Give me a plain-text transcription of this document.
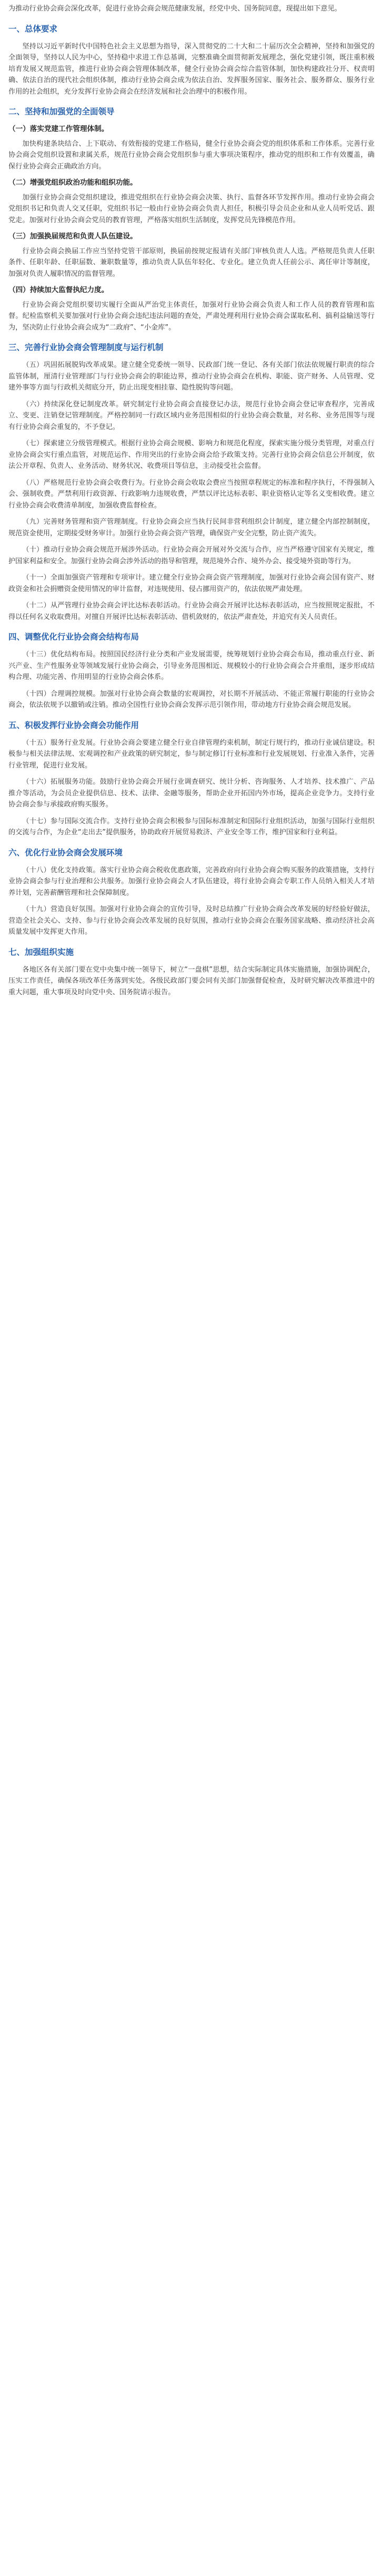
为推动行业协会商会深化改革，促进行业协会商会规范健康发展，经党中央、国务院同意，现提出如下意见。

一、总体要求

坚持以习近平新时代中国特色社会主义思想为指导，深入贯彻党的二十大和二十届历次全会精神，坚持和加强党的全面领导，坚持以人民为中心，坚持稳中求进工作总基调，完整准确全面贯彻新发展理念，强化党建引领，既注重积极培育发展又规范监管，推进行业协会商会管理体制改革，健全行业协会商会综合监管体制，加快构建政社分开、权责明确、依法自治的现代社会组织体制，推动行业协会商会成为依法自治、发挥服务国家、服务社会、服务群众、服务行业作用的社会组织，充分发挥行业协会商会在经济发展和社会治理中的积极作用。

二、坚持和加强党的全面领导
（一）落实党建工作管理体制。

加快构建条块结合、上下联动、有效衔接的党建工作格局，健全行业协会商会党的组织体系和工作体系。完善行业协会商会党组织设置和隶属关系，规范行业协会商会党组织参与重大事项决策程序，推动党的组织和工作有效覆盖，确保行业协会商会正确政治方向。

（二）增强党组织政治功能和组织功能。

加强行业协会商会党组织建设，推进党组织在行业协会商会决策、执行、监督各环节发挥作用。推动行业协会商会党组织书记和负责人交叉任职，党组织书记一般由行业协会商会负责人担任，积极引导会员企业和从业人员听党话、跟党走。加强对行业协会商会党员的教育管理，严格落实组织生活制度，发挥党员先锋模范作用。

（三）加强换届规范和负责人队伍建设。

行业协会商会换届工作应当坚持党管干部原则，换届前按规定报请有关部门审核负责人人选。严格规范负责人任职条件、任职年龄、任职届数、兼职数量等，推动负责人队伍年轻化、专业化。建立负责人任前公示、离任审计等制度，加强对负责人履职情况的监督管理。

（四）持续加大监督执纪力度。

行业协会商会党组织要切实履行全面从严治党主体责任，加强对行业协会商会负责人和工作人员的教育管理和监督。纪检监察机关要加强对行业协会商会违纪违法问题的查处，严肃处理利用行业协会商会谋取私利、搞利益输送等行为，坚决防止行业协会商会成为“二政府”、“小金库”。

三、完善行业协会商会管理制度与运行机制

（五）巩固拓展脱钩改革成果。建立健全党委统一领导、民政部门统一登记、各有关部门依法依规履行职责的综合监管体制，厘清行业管理部门与行业协会商会的职能边界，推动行业协会商会在机构、职能、资产财务、人员管理、党建外事等方面与行政机关彻底分开，防止出现变相挂靠、隐性脱钩等问题。

（六）持续深化登记制度改革。研究制定行业协会商会直接登记办法，规范行业协会商会登记审查程序，完善成立、变更、注销登记管理制度。严格控制同一行政区域内业务范围相似的行业协会商会数量，对名称、业务范围等与现有行业协会商会重复的，不予登记。

（七）探索建立分级管理模式。根据行业协会商会规模、影响力和规范化程度，探索实施分级分类管理，对重点行业协会商会实行重点监管，对规范运作、作用突出的行业协会商会给予政策支持。完善行业协会商会信息公开制度，依法公开章程、负责人、业务活动、财务状况、收费项目等信息，主动接受社会监督。

（八）严格规范行业协会商会收费行为。行业协会商会收取会费应当按照章程规定的标准和程序执行，不得强制入会、强制收费。严禁利用行政资源、行政影响力违规收费，严禁以评比达标表彰、职业资格认定等名义变相收费。建立行业协会商会收费清单制度，加强收费监督检查。

（九）完善财务管理和资产管理制度。行业协会商会应当执行民间非营利组织会计制度，建立健全内部控制制度，规范资金使用，定期接受财务审计。加强行业协会商会资产管理，确保资产安全完整，防止资产流失。

（十）推动行业协会商会规范开展涉外活动。行业协会商会开展对外交流与合作，应当严格遵守国家有关规定，维护国家利益和安全。加强行业协会商会涉外活动的指导和管理，规范境外合作、境外办会、接受境外资助等行为。

（十一）全面加强资产管理和专项审计。建立健全行业协会商会资产管理制度，加强对行业协会商会国有资产、财政资金和社会捐赠资金使用情况的审计监督，对违规使用、侵占挪用资产的，依法依规严肃处理。

（十二）从严管理行业协会商会评比达标表彰活动。行业协会商会开展评比达标表彰活动，应当按照规定报批，不得以任何名义收取费用。对擅自开展评比达标表彰活动、借机敛财的，依法严肃查处，并追究有关人员责任。

四、调整优化行业协会商会结构布局

（十三）优化结构布局。按照国民经济行业分类和产业发展需要，统筹规划行业协会商会布局，推动重点行业、新兴产业、生产性服务业等领域发展行业协会商会，引导业务范围相近、规模较小的行业协会商会合并重组，逐步形成结构合理、功能完善、作用明显的行业协会商会体系。

（十四）合理调控规模。加强对行业协会商会数量的宏观调控，对长期不开展活动、不能正常履行职能的行业协会商会，依法依规予以撤销或注销。推动全国性行业协会商会发挥示范引领作用，带动地方行业协会商会规范发展。

五、积极发挥行业协会商会功能作用

（十五）服务行业发展。行业协会商会要建立健全行业自律管理约束机制，制定行规行约，推动行业诚信建设。积极参与相关法律法规、宏观调控和产业政策的研究制定，参与制定修订行业标准和行业发展规划、行业准入条件，完善行业管理，促进行业发展。

（十六）拓展服务功能。鼓励行业协会商会开展行业调查研究、统计分析、咨询服务、人才培养、技术推广、产品推介等活动，为会员企业提供信息、技术、法律、金融等服务，帮助企业开拓国内外市场，提高企业竞争力。支持行业协会商会参与承接政府购买服务。

（十七）参与国际交流合作。支持行业协会商会积极参与国际标准制定和国际行业组织活动，加强与国际行业组织的交流与合作，为企业“走出去”提供服务，协助政府开展贸易救济、产业安全等工作，维护国家和行业利益。

六、优化行业协会商会发展环境

（十八）优化支持政策。落实行业协会商会税收优惠政策，完善政府向行业协会商会购买服务的政策措施，支持行业协会商会参与行业治理和公共服务。加强行业协会商会人才队伍建设，将行业协会商会专职工作人员纳入相关人才培养计划，完善薪酬管理和社会保障制度。

（十九）营造良好氛围。加强对行业协会商会的宣传引导，及时总结推广行业协会商会改革发展的好经验好做法，营造全社会关心、支持、参与行业协会商会改革发展的良好氛围，推动行业协会商会在服务国家战略、推动经济社会高质量发展中发挥更大作用。

七、加强组织实施

各地区各有关部门要在党中央集中统一领导下，树立“一盘棋”思想，结合实际制定具体实施措施，加强协调配合，压实工作责任，确保各项改革任务落到实处。各级民政部门要会同有关部门加强督促检查，及时研究解决改革推进中的重大问题，重大事项及时向党中央、国务院请示报告。
